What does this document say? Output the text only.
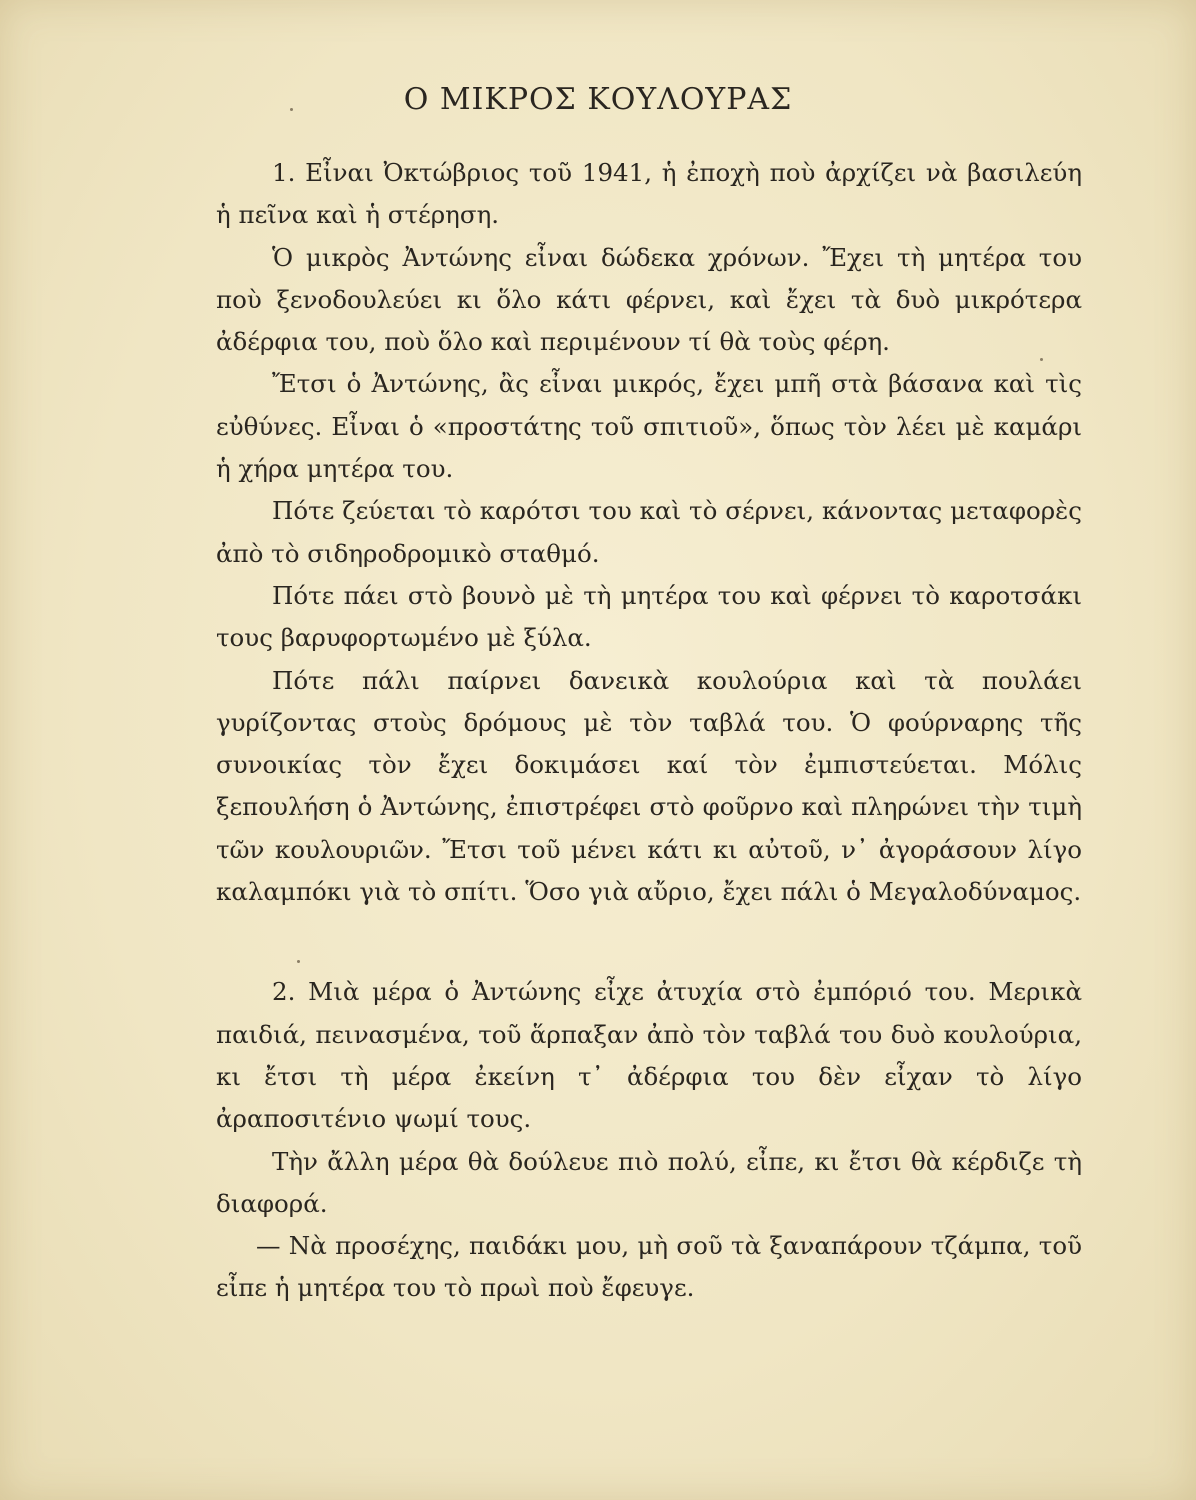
Ο ΜΙΚΡΟΣ ΚΟΥΛΟΥΡΑΣ

1. Εἶναι Ὀκτώβριος τοῦ 1941, ἡ ἐποχὴ ποὺ ἀρχίζει νὰ βασιλεύη ἡ πεῖνα καὶ ἡ στέρηση.

Ὁ μικρὸς Ἀντώνης εἶναι δώδεκα χρόνων. Ἔχει τὴ μητέρα του ποὺ ξενοδουλεύει κι ὅλο κάτι φέρνει, καὶ ἔχει τὰ δυὸ μικρότερα ἀδέρφια του, ποὺ ὅλο καὶ περιμένουν τί θὰ τοὺς φέρη.

Ἔτσι ὁ Ἀντώνης, ἂς εἶναι μικρός, ἔχει μπῆ στὰ βάσανα καὶ τὶς εὐθύνες. Εἶναι ὁ «προστάτης τοῦ σπιτιοῦ», ὅπως τὸν λέει μὲ καμάρι ἡ χήρα μητέρα του.

Πότε ζεύεται τὸ καρότσι του καὶ τὸ σέρνει, κάνοντας μεταφορὲς ἀπὸ τὸ σιδηροδρομικὸ σταθμό.

Πότε πάει στὸ βουνὸ μὲ τὴ μητέρα του καὶ φέρνει τὸ καροτσάκι τους βαρυφορτωμένο μὲ ξύλα.

Πότε πάλι παίρνει δανεικὰ κουλούρια καὶ τὰ πουλάει γυρίζοντας στοὺς δρόμους μὲ τὸν ταβλά του. Ὁ φούρναρης τῆς συνοικίας τὸν ἔχει δοκιμάσει καί τὸν ἐμπιστεύεται. Μόλις ξεπουλήση ὁ Ἀντώνης, ἐπιστρέφει στὸ φοῦρνο καὶ πληρώνει τὴν τιμὴ τῶν κουλουριῶν. Ἔτσι τοῦ μένει κάτι κι αὐτοῦ, ν᾿ ἀγοράσουν λίγο καλαμπόκι γιὰ τὸ σπίτι. Ὅσο γιὰ αὔριο, ἔχει πάλι ὁ Μεγαλοδύναμος.

2. Μιὰ μέρα ὁ Ἀντώνης εἶχε ἀτυχία στὸ ἐμπόριό του. Μερικὰ παιδιά, πεινασμένα, τοῦ ἅρπαξαν ἀπὸ τὸν ταβλά του δυὸ κουλούρια, κι ἔτσι τὴ μέρα ἐκείνη τ᾿ ἀδέρφια του δὲν εἶχαν τὸ λίγο ἀραποσιτένιο ψωμί τους.

Τὴν ἄλλη μέρα θὰ δούλευε πιὸ πολύ, εἶπε, κι ἔτσι θὰ κέρδιζε τὴ διαφορά.

— Νὰ προσέχης, παιδάκι μου, μὴ σοῦ τὰ ξαναπάρουν τζάμπα, τοῦ εἶπε ἡ μητέρα του τὸ πρωὶ ποὺ ἔφευγε.
